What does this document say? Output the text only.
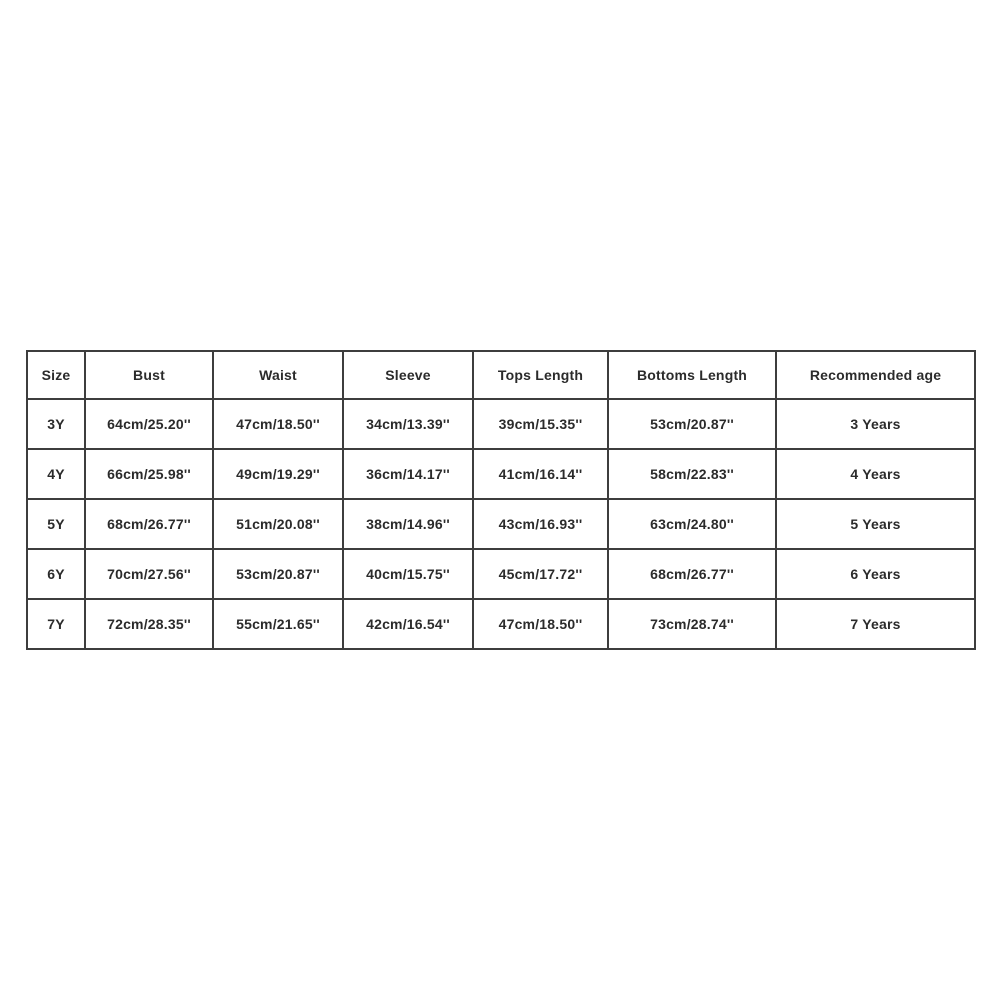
Size	Bust	Waist	Sleeve	Tops Length	Bottoms Length	Recommended age
3Y	64cm/25.20''	47cm/18.50''	34cm/13.39''	39cm/15.35''	53cm/20.87''	3 Years
4Y	66cm/25.98''	49cm/19.29''	36cm/14.17''	41cm/16.14''	58cm/22.83''	4 Years
5Y	68cm/26.77''	51cm/20.08''	38cm/14.96''	43cm/16.93''	63cm/24.80''	5 Years
6Y	70cm/27.56''	53cm/20.87''	40cm/15.75''	45cm/17.72''	68cm/26.77''	6 Years
7Y	72cm/28.35''	55cm/21.65''	42cm/16.54''	47cm/18.50''	73cm/28.74''	7 Years
